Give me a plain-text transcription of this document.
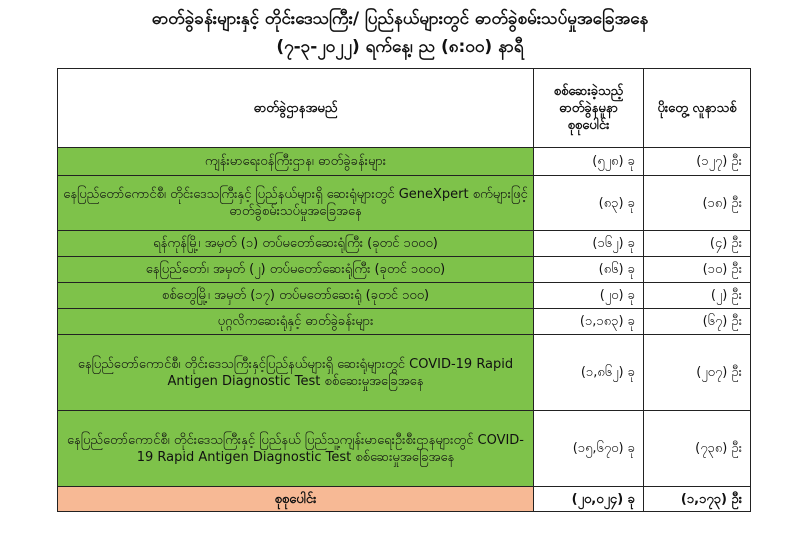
ဓာတ်ခွဲခန်းများနှင့် တိုင်းဒေသကြီး/ ပြည်နယ်များတွင် ဓာတ်ခွဲစမ်းသပ်မှုအခြေအနေ
(၇-၃-၂၀၂၂) ရက်နေ့၊ ည (၈:၀၀) နာရီ
ဓာတ်ခွဲဌာနအမည်	စစ်ဆေးခဲ့သည့် ဓာတ်ခွဲနမူနာ စုစုပေါင်း	ပိုးတွေ့ လူနာသစ်
ကျန်းမာရေးဝန်ကြီးဌာန၊ ဓာတ်ခွဲခန်းများ	(၅၂၈) ခု	(၁၂၇) ဦး
နေပြည်တော်ကောင်စီ၊ တိုင်းဒေသကြီးနှင့် ပြည်နယ်များရှိ ဆေးရုံများတွင် GeneXpert စက်များဖြင့် ဓာတ်ခွဲစမ်းသပ်မှုအခြေအနေ	(၈၃) ခု	(၁၈) ဦး
ရန်ကုန်မြို့၊ အမှတ် (၁) တပ်မတော်ဆေးရုံကြီး (ခုတင် ၁၀၀၀)	(၁၆၂) ခု	(၄) ဦး
နေပြည်တော်၊ အမှတ် (၂) တပ်မတော်ဆေးရုံကြီး (ခုတင် ၁၀၀၀)	(၈၆) ခု	(၁၀) ဦး
စစ်တွေမြို့၊ အမှတ် (၁၇) တပ်မတော်ဆေးရုံ (ခုတင် ၁၀၀)	(၂၀) ခု	(၂) ဦး
ပုဂ္ဂလိကဆေးရုံနှင့် ဓာတ်ခွဲခန်းများ	(၁,၁၈၃) ခု	(၆၇) ဦး
နေပြည်တော်ကောင်စီ၊ တိုင်းဒေသကြီးနှင့်ပြည်နယ်များရှိ ဆေးရုံများတွင် COVID-19 Rapid Antigen Diagnostic Test စစ်ဆေးမှုအခြေအနေ	(၁,၈၆၂) ခု	(၂၀၇) ဦး
နေပြည်တော်ကောင်စီ၊ တိုင်းဒေသကြီးနှင့် ပြည်နယ် ပြည်သူ့ကျန်းမာရေးဦးစီးဌာနများတွင် COVID-19 Rapid Antigen Diagnostic Test စစ်ဆေးမှုအခြေအနေ	(၁၅,၆၇၀) ခု	(၇၃၈) ဦး
စုစုပေါင်း	(၂၀,၀၂၄) ခု	(၁,၁၇၃) ဦး
